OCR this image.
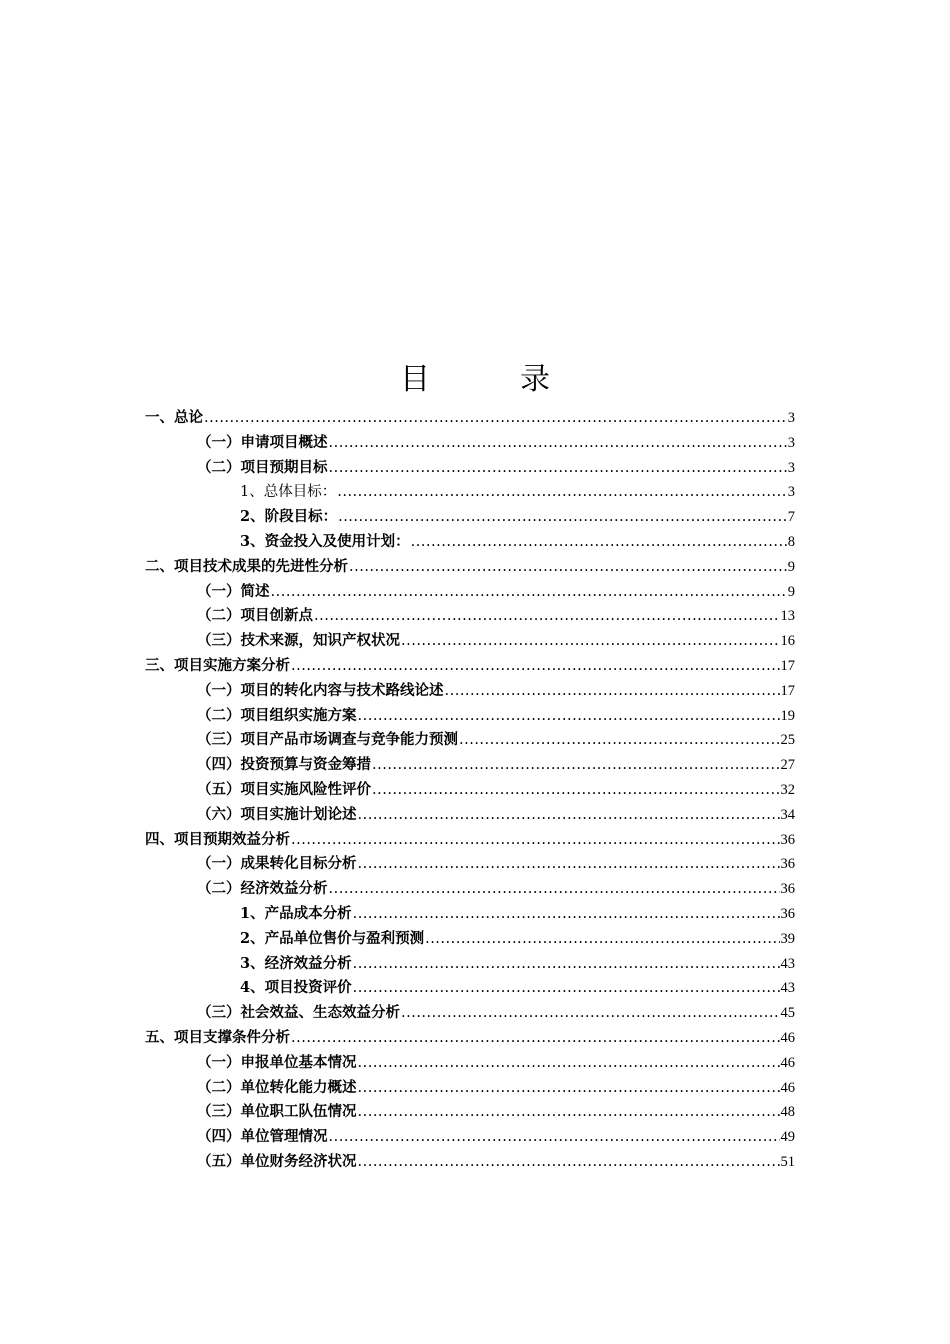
目　录
一、总论 .....	3
（一）申请项目概述 .....	3
（二）项目预期目标 .....	3
1、总体目标： .....	3
2、阶段目标： .....	7
3、资金投入及使用计划： .....	8
二、项目技术成果的先进性分析 .....	9
（一）简述 .....	9
（二）项目创新点 .....	13
（三）技术来源，知识产权状况 .....	16
三、项目实施方案分析 .....	17
（一）项目的转化内容与技术路线论述 .....	17
（二）项目组织实施方案 .....	19
（三）项目产品市场调查与竞争能力预测 .....	25
（四）投资预算与资金筹措 .....	27
（五）项目实施风险性评价 .....	32
（六）项目实施计划论述 .....	34
四、项目预期效益分析 .....	36
（一）成果转化目标分析 .....	36
（二）经济效益分析 .....	36
1、产品成本分析 .....	36
2、产品单位售价与盈利预测 .....	39
3、经济效益分析 .....	43
4、项目投资评价 .....	43
（三）社会效益、生态效益分析 .....	45
五、项目支撑条件分析 .....	46
（一）申报单位基本情况 .....	46
（二）单位转化能力概述 .....	46
（三）单位职工队伍情况 .....	48
（四）单位管理情况 .....	49
（五）单位财务经济状况 .....	51
